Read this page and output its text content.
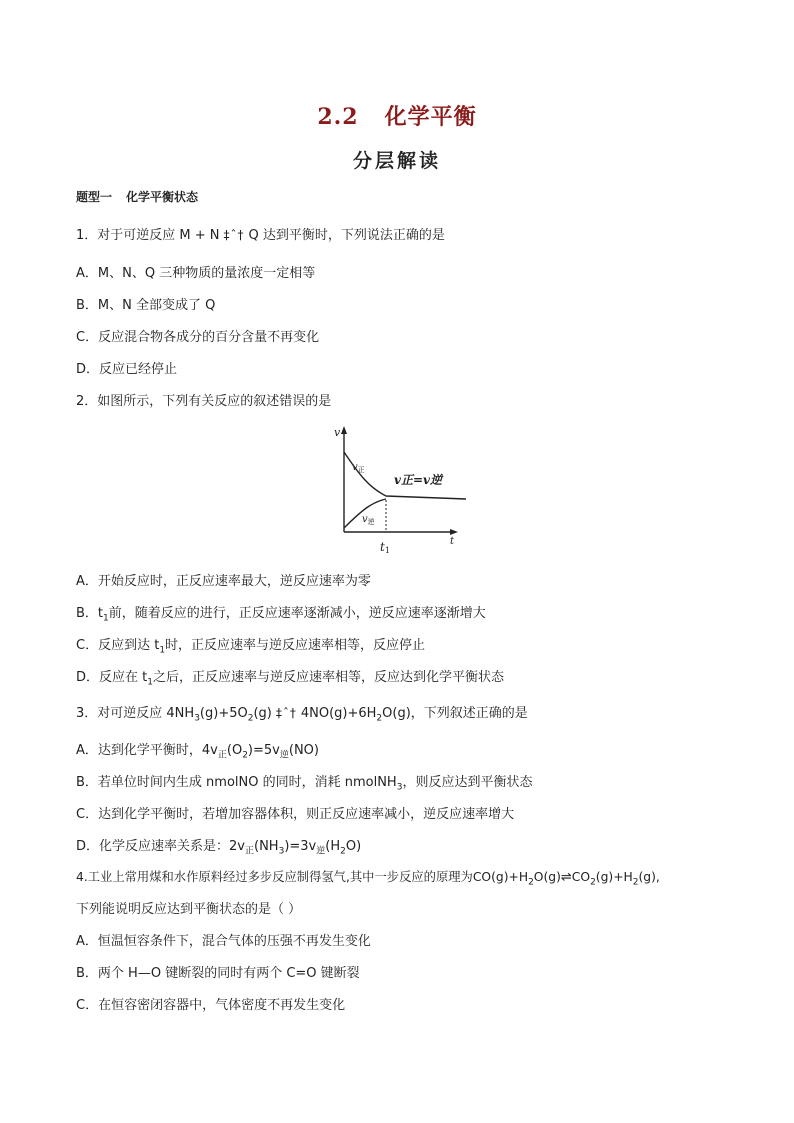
2.2 化学平衡
分层解读
题型一 化学平衡状态
1．对于可逆反应 M + N ‡ˆ† Q 达到平衡时，下列说法正确的是
A．M、N、Q 三种物质的量浓度一定相等
B．M、N 全部变成了 Q
C．反应混合物各成分的百分含量不再变化
D．反应已经停止
2．如图所示，下列有关反应的叙述错误的是
v
t
$v_正$
$v_逆$
v正=v逆
t1
A．开始反应时，正反应速率最大，逆反应速率为零
B．$t_1$前，随着反应的进行，正反应速率逐渐减小，逆反应速率逐渐增大
C．反应到达 $t_1$时，正反应速率与逆反应速率相等，反应停止
D．反应在 $t_1$之后，正反应速率与逆反应速率相等，反应达到化学平衡状态
3．对可逆反应 $4NH_3(g)+5O_2(g)$ ‡ˆ† $4NO(g)+6H_2O(g)$，下列叙述正确的是
A．达到化学平衡时，$4v_正(O_2)=5v_逆(NO)$
B．若单位时间内生成 nmolNO 的同时，消耗 nmolNH$_3$，则反应达到平衡状态
C．达到化学平衡时，若增加容器体积，则正反应速率减小，逆反应速率增大
D．化学反应速率关系是：$2v_正(NH_3)=3v_逆(H_2O)$
4.工业上常用煤和水作原料经过多步反应制得氢气,其中一步反应的原理为$CO(g)+H_2O(g)\rightleftharpoons CO_2(g)+H_2(g)$,
下列能说明反应达到平衡状态的是（ ）
A．恒温恒容条件下，混合气体的压强不再发生变化
B．两个 H—O 键断裂的同时有两个 C=O 键断裂
C．在恒容密闭容器中，气体密度不再发生变化
